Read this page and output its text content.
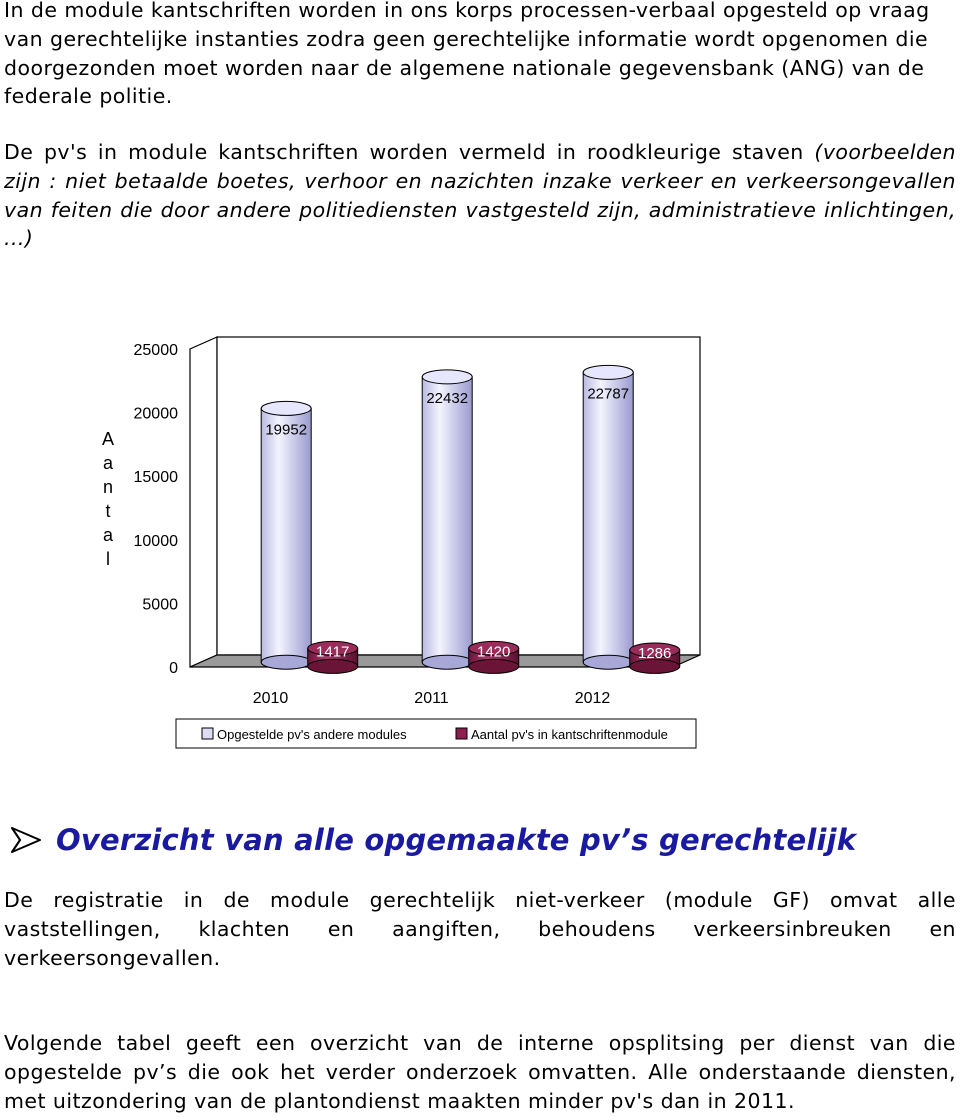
In de module kantschriften worden in ons korps processen-verbaal opgesteld op vraag van gerechtelijke instanties zodra geen gerechtelijke informatie wordt opgenomen die doorgezonden moet worden naar de algemene nationale gegevensbank (ANG) van de federale politie.

De pv's in module kantschriften worden vermeld in roodkleurige staven (voorbeelden zijn : niet betaalde boetes, verhoor en nazichten inzake verkeer en verkeersongevallen van feiten die door andere politiediensten vastgesteld zijn, administratieve inlichtingen, ...)

0
5000
10000
15000
20000
25000
19952
1417
22432
1420
22787
1286
2010	2011	2012
A a n t a l
Opgestelde pv's andere modules	Aantal pv's in kantschriftenmodule
Overzicht van alle opgemaakte pv’s gerechtelijk

De registratie in de module gerechtelijk niet-verkeer (module GF) omvat alle vaststellingen, klachten en aangiften, behoudens verkeersinbreuken en verkeersongevallen.

Volgende tabel geeft een overzicht van de interne opsplitsing per dienst van die opgestelde pv’s die ook het verder onderzoek omvatten. Alle onderstaande diensten, met uitzondering van de plantondienst maakten minder pv's dan in 2011.
